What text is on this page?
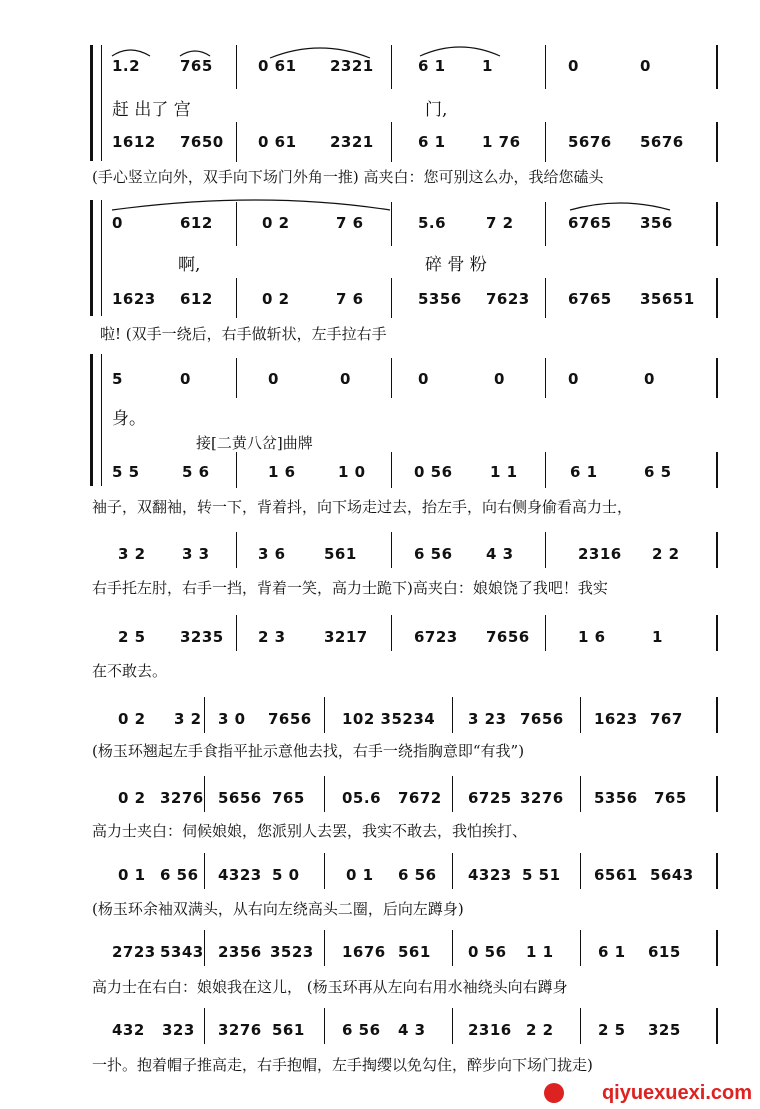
1.2	765	0 61 2321	6 1 1	0	0
赶 出了 宫	门,
1612 7650 0 61 2321	6 1 1 76	5676 5676
(手心竖立向外，双手向下场门外角一推) 高夹白：您可别这么办，我给您磕头
0	612	0 2	7 6	5.6	7 2	6765 356
啊,	碎 骨 粉
1623 612	0 2	7 6	5356 7623	6765 35651
啦! (双手一绕后，右手做斩状，左手拉右手
5	0	0	0	0	0	0	0
身。
接[二黄八岔]曲牌
5 5	5 6	1 6	1 0	0 56 1 1	6 1	6 5
袖子，双翻袖，转一下，背着抖，向下场走过去，抬左手，向右侧身偷看高力士，
3 2 3 3	3 6	561	6 56 4 3	2316 2 2
右手托左肘，右手一挡，背着一笑，高力士跪下)高夹白：娘娘饶了我吧！我实
2 5 3235 2 3	3217	6723 7656	1 6	1
在不敢去。
0 2 3 2 3 0 7656 102 35234 3 23 7656 1623 767
(杨玉环翘起左手食指平扯示意他去找，右手一绕指胸意即“有我”)
0 2 3276 5656 765 05.6 7672 6725 3276 5356 765
高力士夹白：伺候娘娘，您派别人去罢，我实不敢去，我怕挨打、
0 1 6 56 4323 5 0	0 1 6 56 4323 5 51 6561 5643
(杨玉环余袖双满头，从右向左绕高头二圈，后向左蹲身)
2723 5343 2356 3523 1676 561 0 56 1 1	6 1 615
高力士在右白：娘娘我在这儿， (杨玉环再从左向右用水袖绕头向右蹲身
432 323 3276 561 6 56 4 3	2316 2 2	2 5 325
一扑。抱着帽子推高走，右手抱帽，左手掏缨以免勾住，醉步向下场门拢走)
qiyuexuexi.com
